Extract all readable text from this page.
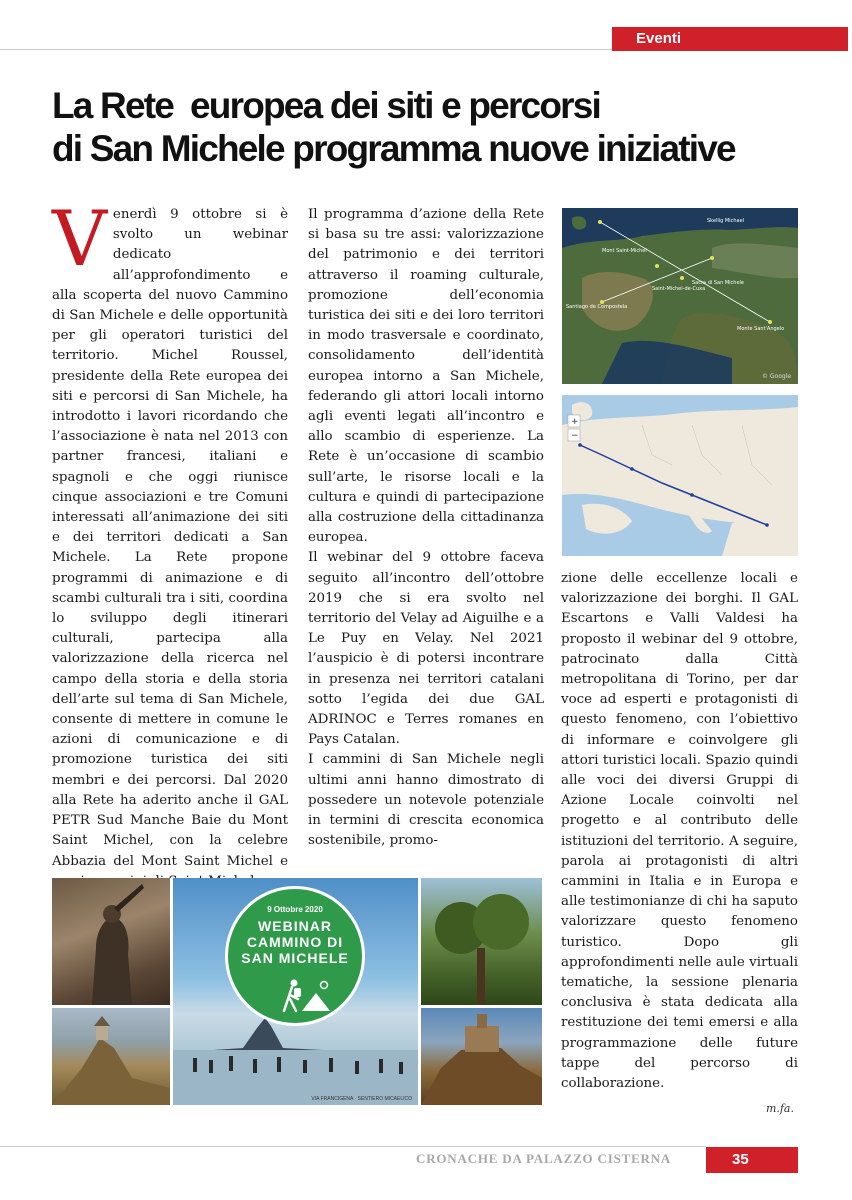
Eventi
La Rete  europea dei siti e percorsi
di San Michele programma nuove iniziative

Venerdì 9 ottobre si è svolto un webinar dedicato all’approfondimento e alla scoperta del nuovo Cammino di San Michele e delle opportunità per gli operatori turistici del territorio. Michel Roussel, presidente della Rete europea dei siti e percorsi di San Michele, ha introdotto i lavori ricordando che l’associazione è nata nel 2013 con partner francesi, italiani e spagnoli e che oggi riunisce cinque associazioni e tre Comuni interessati all’animazione dei siti e dei territori dedicati a San Michele. La Rete propone programmi di animazione e di scambi culturali tra i siti, coordina lo sviluppo degli itinerari culturali, partecipa alla valorizzazione della ricerca nel campo della storia e della storia dell’arte sul tema di San Michele, consente di mettere in comune le azioni di comunicazione e di promozione turistica dei siti membri e dei percorsi. Dal 2020 alla Rete ha aderito anche il GAL PETR Sud Manche Baie du Mont Saint Michel, con la celebre Abbazia del Mont Saint Michel e

Il programma d’azione della Rete si basa su tre assi: valorizzazione del patrimonio e dei territori attraverso il roaming culturale, promozione dell’economia turistica dei siti e dei loro territori in modo trasversale e coordinato, consolidamento dell’identità europea intorno a San Michele, federando gli attori locali intorno agli eventi legati all’incontro e allo scambio di esperienze. La Rete è un’occasione di scambio sull’arte, le risorse locali e la cultura e quindi di partecipazione alla costruzione della cittadinanza europea.

Il webinar del 9 ottobre faceva seguito all’incontro dell’ottobre 2019 che si era svolto nel territorio del Velay ad Aiguilhe e a Le Puy en Velay. Nel 2021 l’auspicio è di potersi incontrare in presenza nei territori catalani sotto l’egida dei due GAL ADRINOC e Terres romanes en Pays Catalan.

I cammini di San Michele negli ultimi anni hanno dimostrato di possedere un notevole potenziale in termini di crescita economica sostenibile, promo-

Skellig Michael
Mont Saint-Michel
Saint-Michel-de-Cuxa
Sacra di San Michele
Monte Sant'Angelo
Santiago de Compostela
© Google
+
−

zione delle eccellenze locali e valorizzazione dei borghi. Il GAL Escartons e Valli Valdesi ha proposto il webinar del 9 ottobre, patrocinato dalla Città metropolitana di Torino, per dar voce ad esperti e protagonisti di questo fenomeno, con l’obiettivo di informare e coinvolgere gli attori turistici locali. Spazio quindi alle voci dei diversi Gruppi di Azione Locale coinvolti nel progetto e al contributo delle istituzioni del territorio. A seguire, parola ai protagonisti di altri cammini in Italia e in Europa e alle testimonianze di chi ha saputo valorizzare questo fenomeno turistico. Dopo gli approfondimenti nelle aule virtuali tematiche, la sessione plenaria conclusiva è stata dedicata alla restituzione dei temi emersi e alla programmazione delle future tappe del percorso di collaborazione.

m.fa.
9 Ottobre 2020
WEBINAR
CAMMINO DI
SAN MICHELE
VIA FRANCIGENA · SENTIERO MICAELICO
CRONACHE DA PALAZZO CISTERNA	35
